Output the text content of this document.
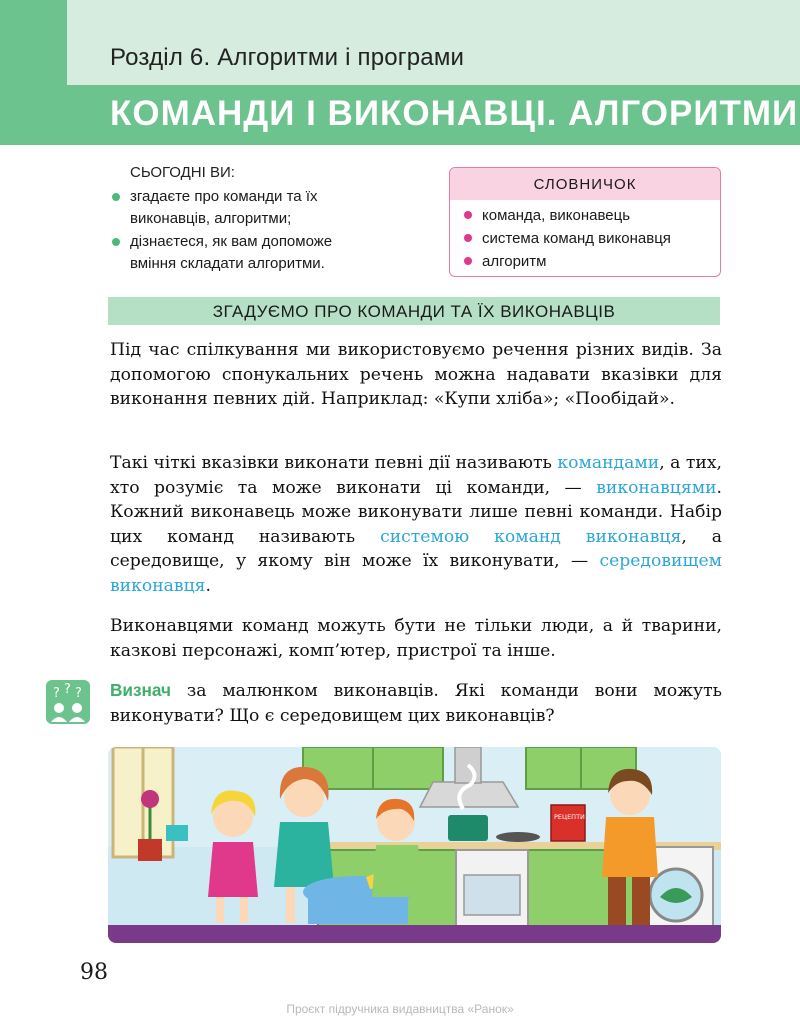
Розділ 6. Алгоритми і програми
КОМАНДИ І ВИКОНАВЦІ. АЛГОРИТМИ
СЬОГОДНІ ВИ:
згадаєте про команди та їх виконавців, алгоритми;
дізнаєтеся, як вам допоможе вміння складати алгоритми.
СЛОВНИЧОК
команда, виконавець
система команд виконавця
алгоритм
ЗГАДУЄМО ПРО КОМАНДИ ТА ЇХ ВИКОНАВЦІВ

Під час спілкування ми використовуємо речення різних видів. За допомогою спонукальних речень можна надавати вказівки для виконання певних дій. Наприклад: «Купи хліба»; «Пообідай».

Такі чіткі вказівки виконати певні дії називають командами, а тих, хто розуміє та може виконати ці команди, — виконавцями. Кожний виконавець може виконувати лише певні команди. Набір цих команд називають системою команд виконавця, а середовище, у якому він може їх виконувати, — середовищем виконавця.

Виконавцями команд можуть бути не тільки люди, а й тварини, казкові персонажі, комп’ютер, пристрої та інше.

? ? ? Визнач за малюнком виконавців. Які команди вони можуть виконувати? Що є середовищем цих виконавців?

РЕЦЕПТИ
98
Проєкт підручника видавництва «Ранок»
